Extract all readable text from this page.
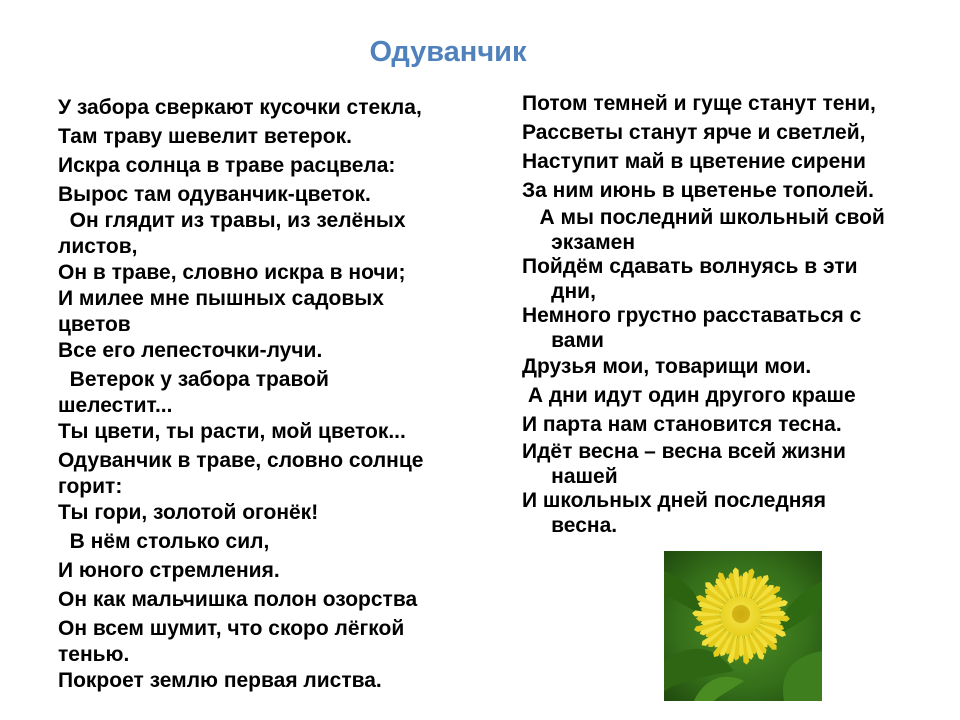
Одуванчик
У забора сверкают кусочки стекла,
Там траву шевелит ветерок.
Искра солнца в траве расцвела:
Вырос там одуванчик-цветок.
Он глядит из травы, из зелёных
листов,
Он в траве, словно искра в ночи;
И милее мне пышных садовых
цветов
Все его лепесточки-лучи.
Ветерок у забора травой
шелестит...
Ты цвети, ты расти, мой цветок...
Одуванчик в траве, словно солнце
горит:
Ты гори, золотой огонёк!
В нём столько сил,
И юного стремления.
Он как мальчишка полон озорства
Он всем шумит, что скоро лёгкой
тенью.
Покроет землю первая листва.
Потом темней и гуще станут тени,
Рассветы станут ярче и светлей,
Наступит май в цветение сирени
За ним июнь в цветенье тополей.
А мы последний школьный свой
экзамен
Пойдём сдавать волнуясь в эти
дни,
Немного грустно расставаться с
вами
Друзья мои, товарищи мои.
А дни идут один другого краше
И парта нам становится тесна.
Идёт весна – весна всей жизни
нашей
И школьных дней последняя
весна.
